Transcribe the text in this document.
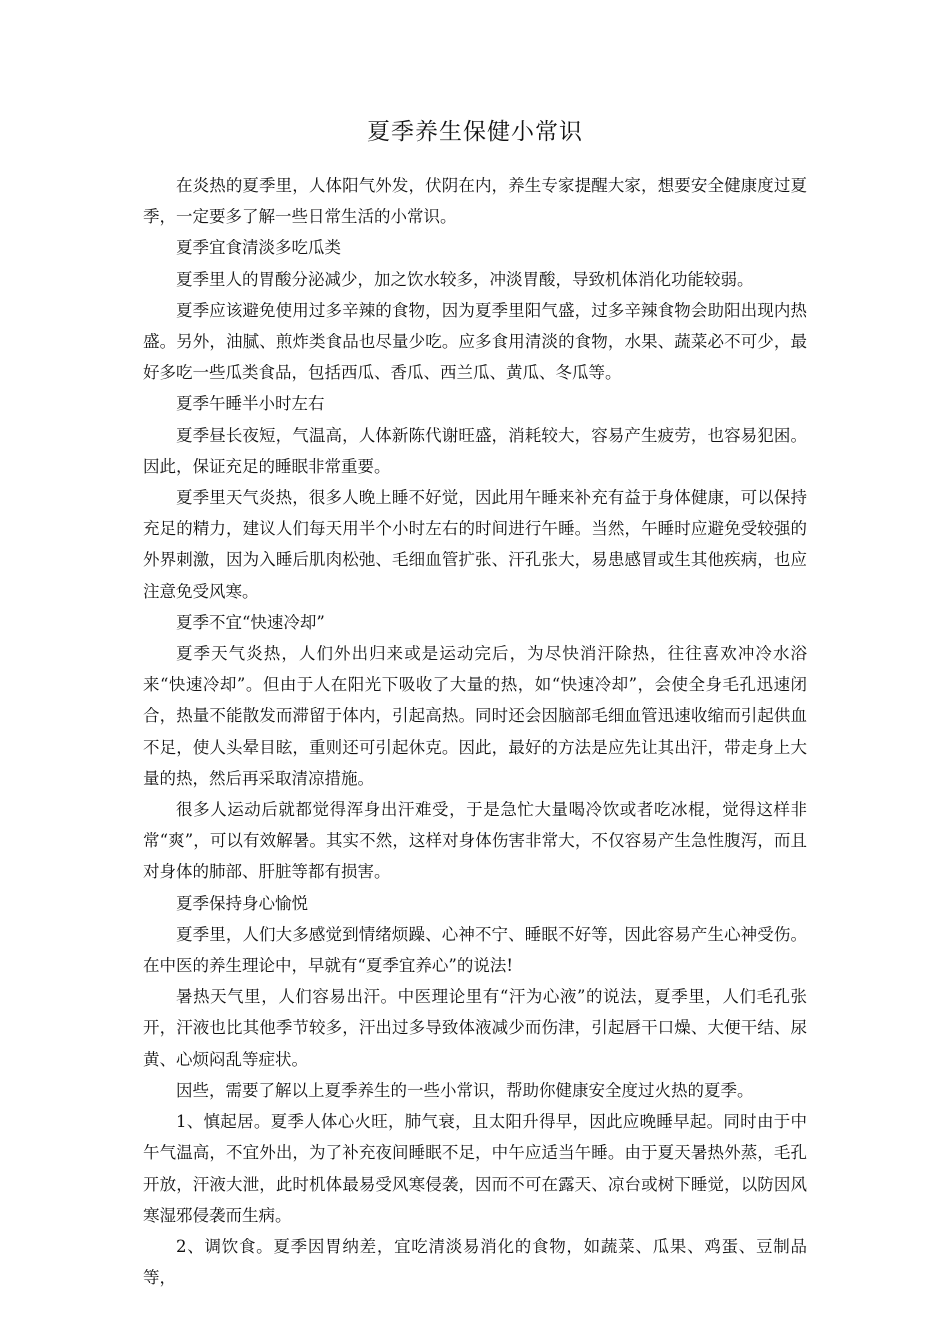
夏季养生保健小常识

在炎热的夏季里，人体阳气外发，伏阴在内，养生专家提醒大家，想要安全健康度过夏季，一定要多了解一些日常生活的小常识。

夏季宜食清淡多吃瓜类

夏季里人的胃酸分泌减少，加之饮水较多，冲淡胃酸，导致机体消化功能较弱。

夏季应该避免使用过多辛辣的食物，因为夏季里阳气盛，过多辛辣食物会助阳出现内热盛。另外，油腻、煎炸类食品也尽量少吃。应多食用清淡的食物，水果、蔬菜必不可少，最好多吃一些瓜类食品，包括西瓜、香瓜、西兰瓜、黄瓜、冬瓜等。

夏季午睡半小时左右

夏季昼长夜短，气温高，人体新陈代谢旺盛，消耗较大，容易产生疲劳，也容易犯困。因此，保证充足的睡眠非常重要。

夏季里天气炎热，很多人晚上睡不好觉，因此用午睡来补充有益于身体健康，可以保持充足的精力，建议人们每天用半个小时左右的时间进行午睡。当然，午睡时应避免受较强的外界刺激，因为入睡后肌肉松弛、毛细血管扩张、汗孔张大，易患感冒或生其他疾病，也应注意免受风寒。

夏季不宜“快速冷却”

夏季天气炎热，人们外出归来或是运动完后，为尽快消汗除热，往往喜欢冲冷水浴来“快速冷却”。但由于人在阳光下吸收了大量的热，如“快速冷却”，会使全身毛孔迅速闭合，热量不能散发而滞留于体内，引起高热。同时还会因脑部毛细血管迅速收缩而引起供血不足，使人头晕目眩，重则还可引起休克。因此，最好的方法是应先让其出汗，带走身上大量的热，然后再采取清凉措施。

很多人运动后就都觉得浑身出汗难受，于是急忙大量喝冷饮或者吃冰棍，觉得这样非常“爽”，可以有效解暑。其实不然，这样对身体伤害非常大，不仅容易产生急性腹泻，而且对身体的肺部、肝脏等都有损害。

夏季保持身心愉悦

夏季里，人们大多感觉到情绪烦躁、心神不宁、睡眠不好等，因此容易产生心神受伤。在中医的养生理论中，早就有“夏季宜养心”的说法!

暑热天气里，人们容易出汗。中医理论里有“汗为心液”的说法，夏季里，人们毛孔张开，汗液也比其他季节较多，汗出过多导致体液减少而伤津，引起唇干口燥、大便干结、尿黄、心烦闷乱等症状。

因些，需要了解以上夏季养生的一些小常识，帮助你健康安全度过火热的夏季。

1、慎起居。夏季人体心火旺，肺气衰，且太阳升得早，因此应晚睡早起。同时由于中午气温高，不宜外出，为了补充夜间睡眠不足，中午应适当午睡。由于夏天暑热外蒸，毛孔开放，汗液大泄，此时机体最易受风寒侵袭，因而不可在露天、凉台或树下睡觉，以防因风寒湿邪侵袭而生病。

2、调饮食。夏季因胃纳差，宜吃清淡易消化的食物，如蔬菜、瓜果、鸡蛋、豆制品等，
